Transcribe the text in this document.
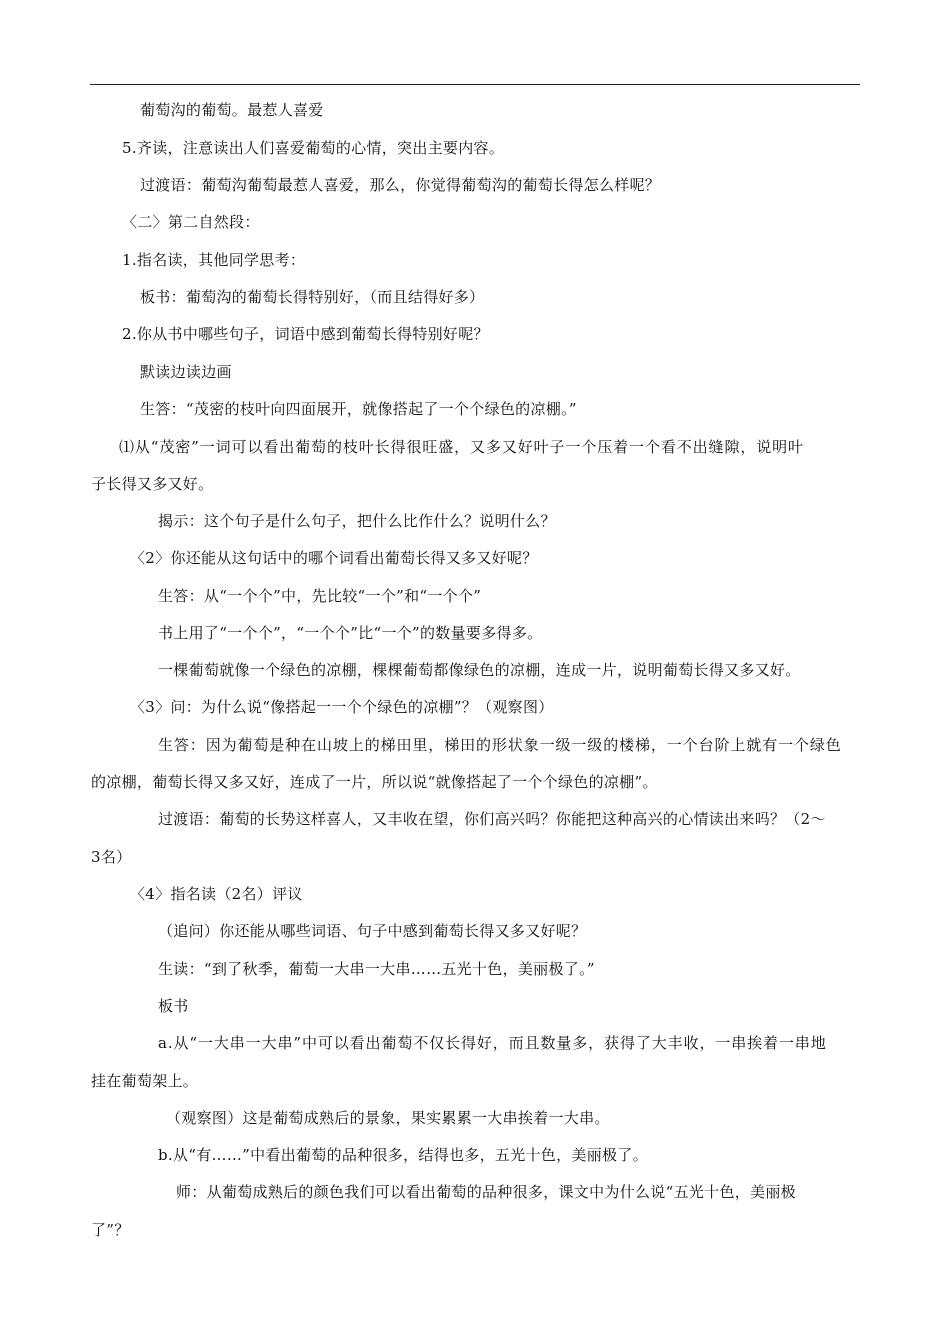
葡萄沟的葡萄。最惹人喜爱
5.齐读，注意读出人们喜爱葡萄的心情，突出主要内容。
过渡语：葡萄沟葡萄最惹人喜爱，那么，你觉得葡萄沟的葡萄长得怎么样呢？
〈二〉第二自然段：
1.指名读，其他同学思考：
板书：葡萄沟的葡萄长得特别好，（而且结得好多）
2.你从书中哪些句子，词语中感到葡萄长得特别好呢？
默读边读边画
生答：“茂密的枝叶向四面展开，就像搭起了一个个绿色的凉棚。”
⑴从“茂密”一词可以看出葡萄的枝叶长得很旺盛，又多又好叶子一个压着一个看不出缝隙，说明叶
子长得又多又好。
揭示：这个句子是什么句子，把什么比作什么？说明什么？
〈2〉你还能从这句话中的哪个词看出葡萄长得又多又好呢？
生答：从“一个个”中，先比较“一个”和“一个个”
书上用了“一个个”，“一个个”比“一个”的数量要多得多。
一棵葡萄就像一个绿色的凉棚，棵棵葡萄都像绿色的凉棚，连成一片，说明葡萄长得又多又好。
〈3〉问：为什么说“像搭起一一个个绿色的凉棚”？（观察图）
生答：因为葡萄是种在山坡上的梯田里，梯田的形状象一级一级的楼梯，一个台阶上就有一个绿色
的凉棚，葡萄长得又多又好，连成了一片，所以说“就像搭起了一个个绿色的凉棚”。
过渡语：葡萄的长势这样喜人，又丰收在望，你们高兴吗？你能把这种高兴的心情读出来吗？（2～
3名）
〈4〉指名读（2名）评议
（追问）你还能从哪些词语、句子中感到葡萄长得又多又好呢？
生读：“到了秋季，葡萄一大串一大串……五光十色，美丽极了。”
板书
a.从“一大串一大串”中可以看出葡萄不仅长得好，而且数量多，获得了大丰收，一串挨着一串地
挂在葡萄架上。
（观察图）这是葡萄成熟后的景象，果实累累一大串挨着一大串。
b.从“有……”中看出葡萄的品种很多，结得也多，五光十色，美丽极了。
师：从葡萄成熟后的颜色我们可以看出葡萄的品种很多，课文中为什么说“五光十色，美丽极
了”？
